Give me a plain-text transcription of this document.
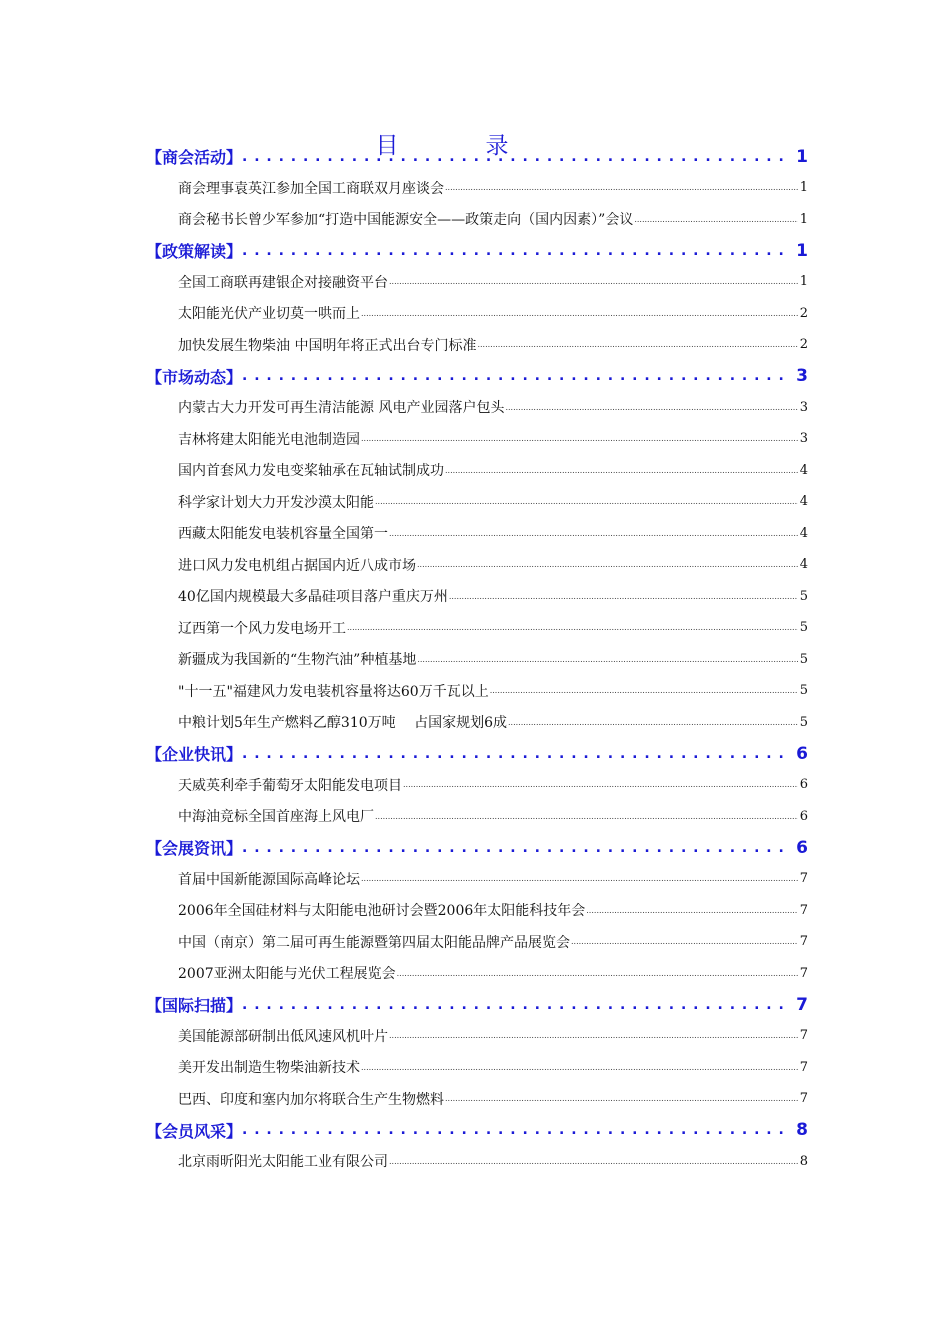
目　录
【商会活动】 . . .	1
商会理事袁英江参加全国工商联双月座谈会 .....	1
商会秘书长曾少军参加“打造中国能源安全——政策走向（国内因素）”会议 .....	1
【政策解读】 . . .	1
全国工商联再建银企对接融资平台 .....	1
太阳能光伏产业切莫一哄而上 .....	2
加快发展生物柴油 中国明年将正式出台专门标准 .....	2
【市场动态】 . . .	3
内蒙古大力开发可再生清洁能源 风电产业园落户包头 .....	3
吉林将建太阳能光电池制造园 .....	3
国内首套风力发电变桨轴承在瓦轴试制成功 .....	4
科学家计划大力开发沙漠太阳能 .....	4
西藏太阳能发电装机容量全国第一 .....	4
进口风力发电机组占据国内近八成市场 .....	4
40亿国内规模最大多晶硅项目落户重庆万州 .....	5
辽西第一个风力发电场开工 .....	5
新疆成为我国新的“生物汽油”种植基地 .....	5
"十一五"福建风力发电装机容量将达60万千瓦以上 .....	5
中粮计划5年生产燃料乙醇310万吨　 占国家规划6成 .....	5
【企业快讯】 . . .	6
天威英利牵手葡萄牙太阳能发电项目 .....	6
中海油竞标全国首座海上风电厂 .....	6
【会展资讯】 . . .	6
首届中国新能源国际高峰论坛 .....	7
2006年全国硅材料与太阳能电池研讨会暨2006年太阳能科技年会 .....	7
中国（南京）第二届可再生能源暨第四届太阳能品牌产品展览会 .....	7
2007亚洲太阳能与光伏工程展览会 .....	7
【国际扫描】 . . .	7
美国能源部研制出低风速风机叶片 .....	7
美开发出制造生物柴油新技术 .....	7
巴西、印度和塞内加尔将联合生产生物燃料 .....	7
【会员风采】 . . .	8
北京雨昕阳光太阳能工业有限公司 .....	8
